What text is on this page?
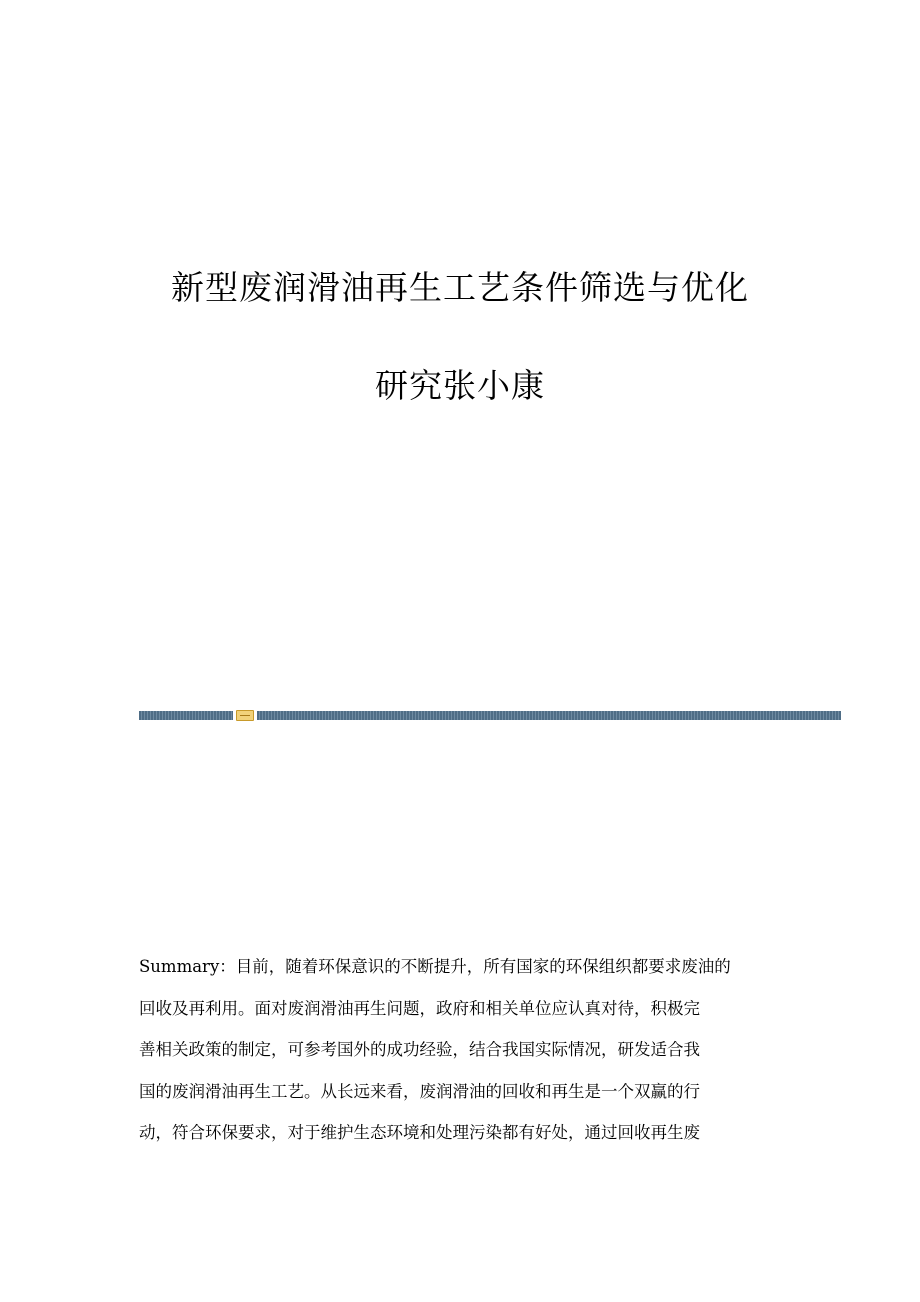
新型废润滑油再生工艺条件筛选与优化
研究张小康
Summary：目前，随着环保意识的不断提升，所有国家的环保组织都要求废油的
回收及再利用。面对废润滑油再生问题，政府和相关单位应认真对待，积极完
善相关政策的制定，可参考国外的成功经验，结合我国实际情况，研发适合我
国的废润滑油再生工艺。从长远来看，废润滑油的回收和再生是一个双赢的行
动，符合环保要求，对于维护生态环境和处理污染都有好处，通过回收再生废
